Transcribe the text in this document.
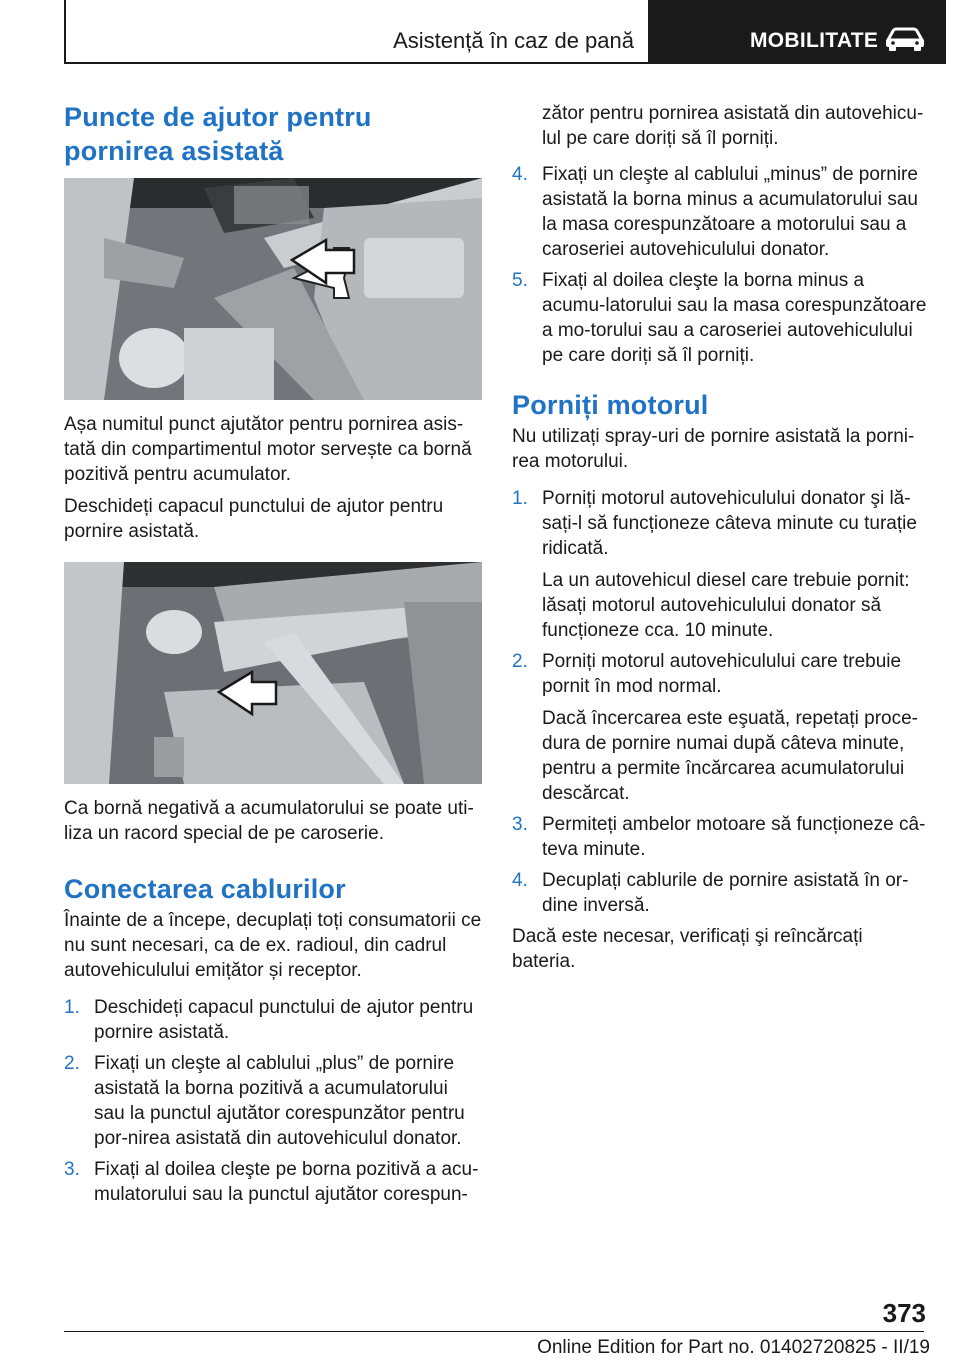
Asistență în caz de pană	MOBILITATE
Puncte de ajutor pentru pornirea asistată

Așa numitul punct ajutător pentru pornirea asis-tată din compartimentul motor servește ca bornă pozitivă pentru acumulator.

Deschideți capacul punctului de ajutor pentru pornire asistată.

Ca bornă negativă a acumulatorului se poate uti-liza un racord special de pe caroserie.

Conectarea cablurilor

Înainte de a începe, decuplați toți consumatorii ce nu sunt necesari, ca de ex. radioul, din cadrul autovehiculului emițător și receptor.

1. Deschideți capacul punctului de ajutor pentru pornire asistată.
2. Fixați un cleşte al cablului „plus” de pornire asistată la borna pozitivă a acumulatorului sau la punctul ajutător corespunzător pentru por-nirea asistată din autovehiculul donator.
3. Fixați al doilea cleşte pe borna pozitivă a acu-mulatorului sau la punctul ajutător corespun-

zător pentru pornirea asistată din autovehicu-lul pe care doriți să îl porniți.

4. Fixați un cleşte al cablului „minus” de pornire asistată la borna minus a acumulatorului sau la masa corespunzătoare a motorului sau a caroseriei autovehiculului donator.
5. Fixați al doilea cleşte la borna minus a acumu-latorului sau la masa corespunzătoare a mo-torului sau a caroseriei autovehiculului pe care doriți să îl porniți.
Porniți motorul

Nu utilizați spray-uri de pornire asistată la porni-rea motorului.

1. Porniți motorul autovehiculului donator şi lă-sați-l să funcționeze câteva minute cu turație ridicată.

La un autovehicul diesel care trebuie pornit: lăsați motorul autovehiculului donator să funcționeze cca. 10 minute.

2. Porniți motorul autovehiculului care trebuie pornit în mod normal.

Dacă încercarea este eşuată, repetați proce-dura de pornire numai după câteva minute, pentru a permite încărcarea acumulatorului descărcat.

3. Permiteți ambelor motoare să funcționeze câ-teva minute.
4. Decuplați cablurile de pornire asistată în or-dine inversă.

Dacă este necesar, verificați şi reîncărcați bateria.

373
Online Edition for Part no. 01402720825 - II/19
